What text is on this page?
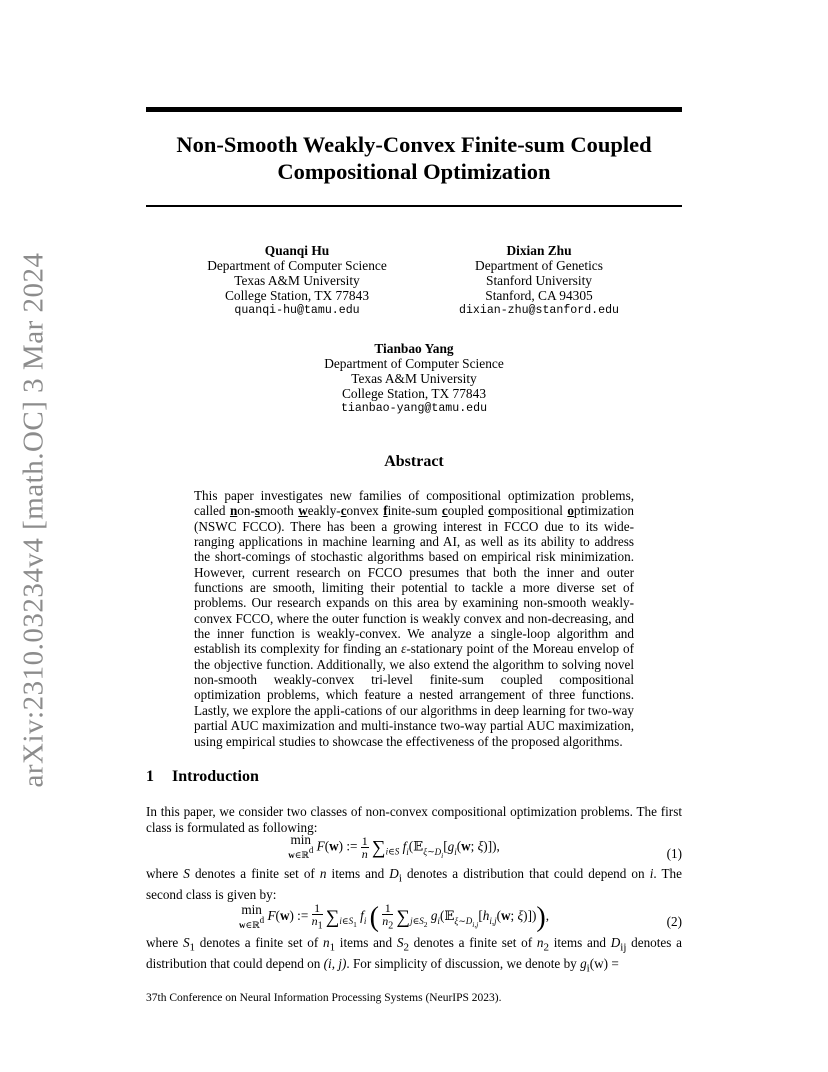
arXiv:2310.03234v4 [math.OC] 3 Mar 2024
Non-Smooth Weakly-Convex Finite-sum Coupled
Compositional Optimization
Quanqi Hu
Department of Computer Science
Texas A&M University
College Station, TX 77843
quanqi-hu@tamu.edu
Dixian Zhu
Department of Genetics
Stanford University
Stanford, CA 94305
dixian-zhu@stanford.edu
Tianbao Yang
Department of Computer Science
Texas A&M University
College Station, TX 77843
tianbao-yang@tamu.edu
Abstract
This paper investigates new families of compositional optimization problems, called non-smooth weakly-convex finite-sum coupled compositional optimization (NSWC FCCO). There has been a growing interest in FCCO due to its wide-ranging applications in machine learning and AI, as well as its ability to address the short-comings of stochastic algorithms based on empirical risk minimization. However, current research on FCCO presumes that both the inner and outer functions are smooth, limiting their potential to tackle a more diverse set of problems. Our research expands on this area by examining non-smooth weakly-convex FCCO, where the outer function is weakly convex and non-decreasing, and the inner function is weakly-convex. We analyze a single-loop algorithm and establish its complexity for finding an ε-stationary point of the Moreau envelop of the objective function. Additionally, we also extend the algorithm to solving novel non-smooth weakly-convex tri-level finite-sum coupled compositional optimization problems, which feature a nested arrangement of three functions. Lastly, we explore the appli-cations of our algorithms in deep learning for two-way partial AUC maximization and multi-instance two-way partial AUC maximization, using empirical studies to showcase the effectiveness of the proposed algorithms.
1 Introduction
In this paper, we consider two classes of non-convex compositional optimization problems. The first class is formulated as following:
min
w∈ℝd F(w) := $\frac{1}{n} \sum_{i\in S}$ $f_i(𝔼_{\xi\sim D_i}[g_i(w$; ξ)]),	(1)
where S denotes a finite set of n items and $D_i$ denotes a distribution that could depend on i. The second class is given by:
min
w∈ℝd F(w) := $\frac{1}{n_1} \sum_{i\in S_1}$ $f_i$ ( $\frac{1}{n_2} \sum_{j\in S_2}$ $g_i(𝔼_{\xi\sim D_{i,j}}[h_{i,j}(w$; ξ)])),	(2)
where $S_1$ denotes a finite set of $n_1$ items and $S_2$ denotes a finite set of $n_2$ items and $D_{ij}$ denotes a distribution that could depend on (i, j). For simplicity of discussion, we denote by $g_i(w)$ =
37th Conference on Neural Information Processing Systems (NeurIPS 2023).
